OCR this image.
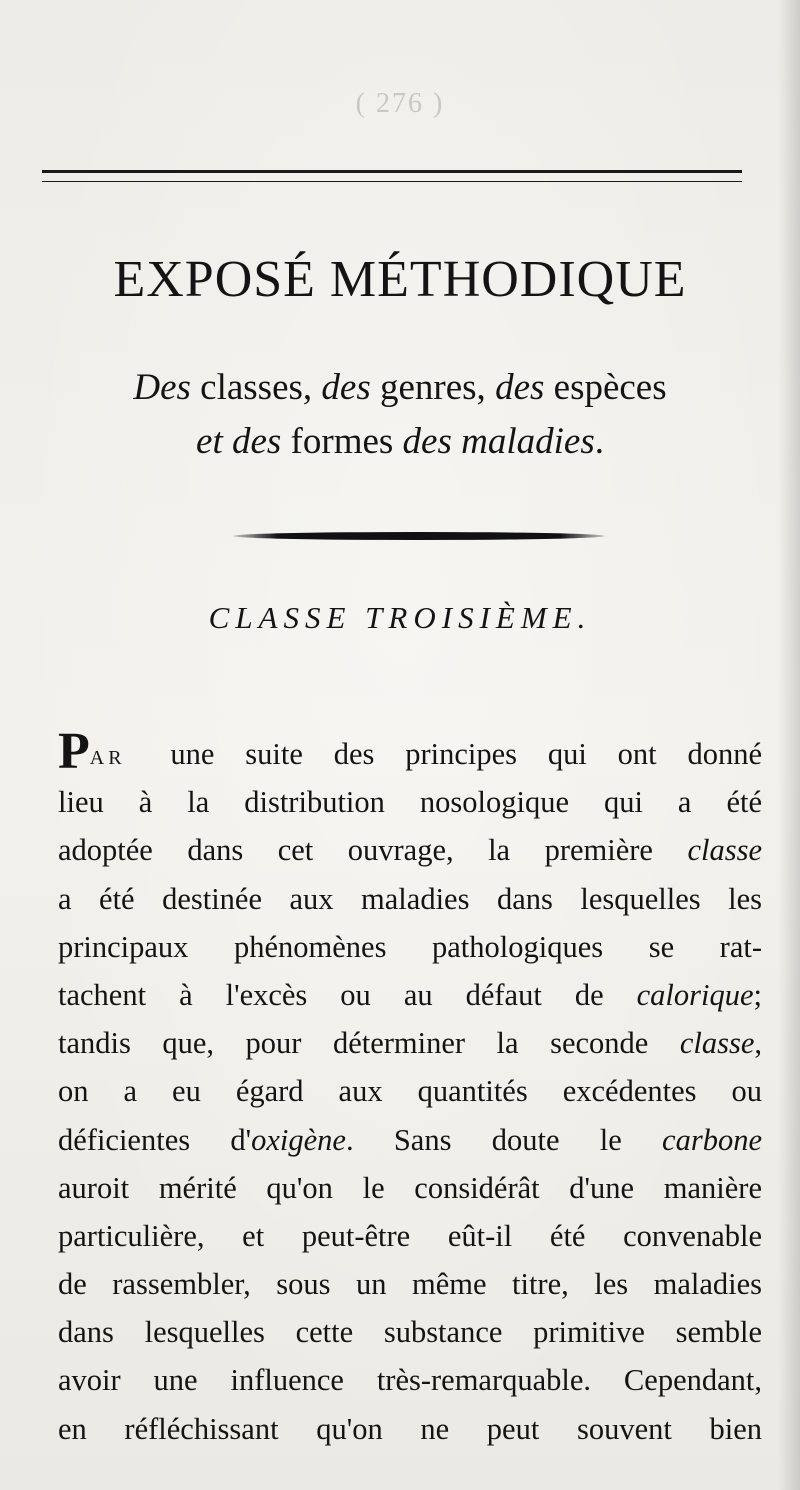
( 276 )
EXPOSÉ MÉTHODIQUE
Des classes, des genres, des espèces
et des formes des maladies.
CLASSE TROISIÈME.
PAR une suite des principes qui ont donné
lieu à la distribution nosologique qui a été
adoptée dans cet ouvrage, la première classe
a été destinée aux maladies dans lesquelles les
principaux phénomènes pathologiques se rat-
tachent à l'excès ou au défaut de calorique;
tandis que, pour déterminer la seconde classe,
on a eu égard aux quantités excédentes ou
déficientes d'oxigène. Sans doute le carbone
auroit mérité qu'on le considérât d'une manière
particulière, et peut-être eût-il été convenable
de rassembler, sous un même titre, les maladies
dans lesquelles cette substance primitive semble
avoir une influence très-remarquable. Cependant,
en réfléchissant qu'on ne peut souvent bien
